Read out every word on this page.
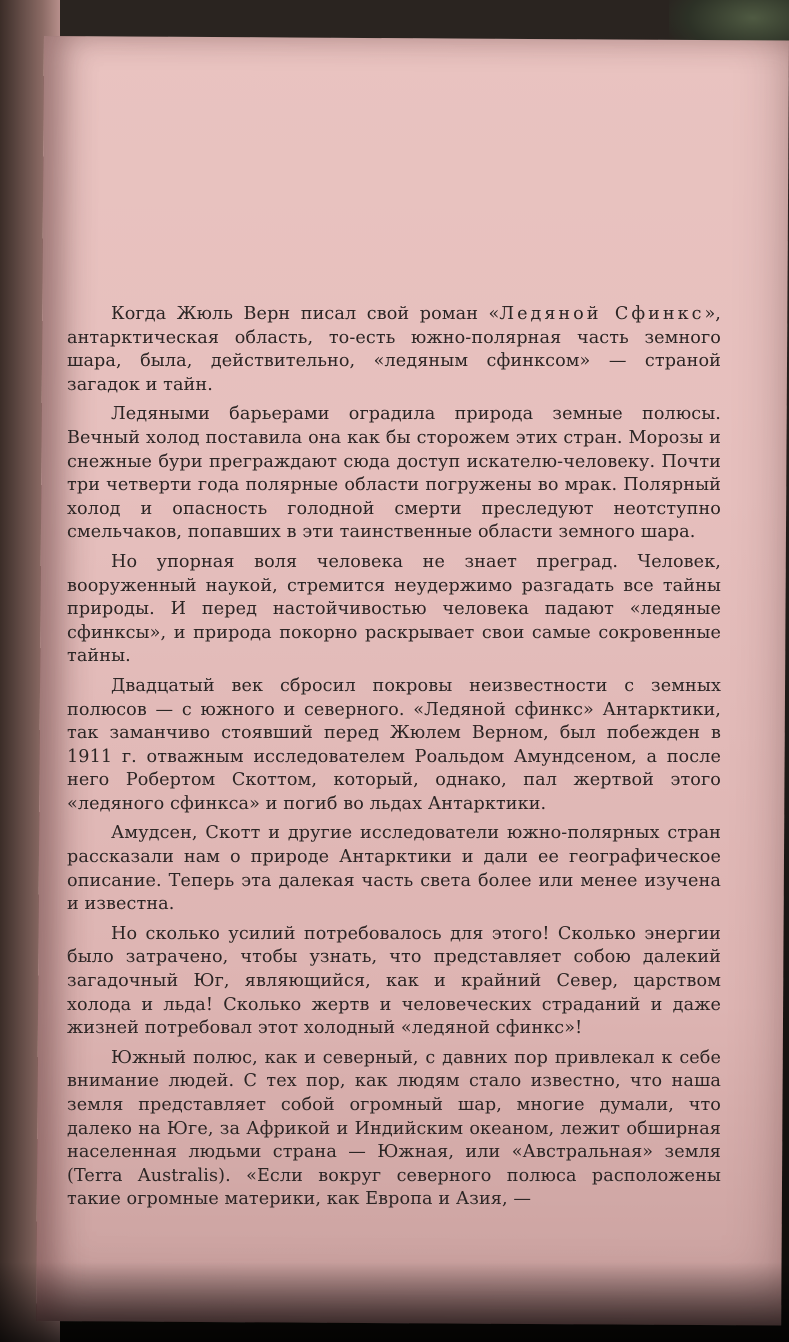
Когда Жюль Верн писал свой роман «Ледяной Сфинкс», антарктическая область, то-есть южно-полярная часть земного шара, была, действительно, «ледяным сфинксом» — страной загадок и тайн.

Ледяными барьерами оградила природа земные полюсы. Вечный холод поставила она как бы сторожем этих стран. Морозы и снежные бури преграждают сюда доступ искателю-человеку. Почти три четверти года полярные области погружены во мрак. Полярный холод и опасность голодной смерти преследуют неотступно смельчаков, попавших в эти таинственные области земного шара.

Но упорная воля человека не знает преград. Человек, вооруженный наукой, стремится неудержимо разгадать все тайны природы. И перед настойчивостью человека падают «ледяные сфинксы», и природа покорно раскрывает свои самые сокровенные тайны.

Двадцатый век сбросил покровы неизвестности с земных полюсов — с южного и северного. «Ледяной сфинкс» Антарктики, так заманчиво стоявший перед Жюлем Верном, был побежден в 1911 г. отважным исследователем Роальдом Амундсеном, а после него Робертом Скоттом, который, однако, пал жертвой этого «ледяного сфинкса» и погиб во льдах Антарктики.

Амудсен, Скотт и другие исследователи южно-полярных стран рассказали нам о природе Антарктики и дали ее географическое описание. Теперь эта далекая часть света более или менее изучена и известна.

Но сколько усилий потребовалось для этого! Сколько энергии было затрачено, чтобы узнать, что представляет собою далекий загадочный Юг, являющийся, как и крайний Север, царством холода и льда! Сколько жертв и человеческих страданий и даже жизней потребовал этот холодный «ледяной сфинкс»!

Южный полюс, как и северный, с давних пор привлекал к себе внимание людей. С тех пор, как людям стало известно, что наша земля представляет собой огромный шар, многие думали, что далеко на Юге, за Африкой и Индийским океаном, лежит обширная населенная людьми страна — Южная, или «Австральная» земля (Terra Australis). «Если вокруг северного полюса расположены такие огромные материки, как Европа и Азия, —
